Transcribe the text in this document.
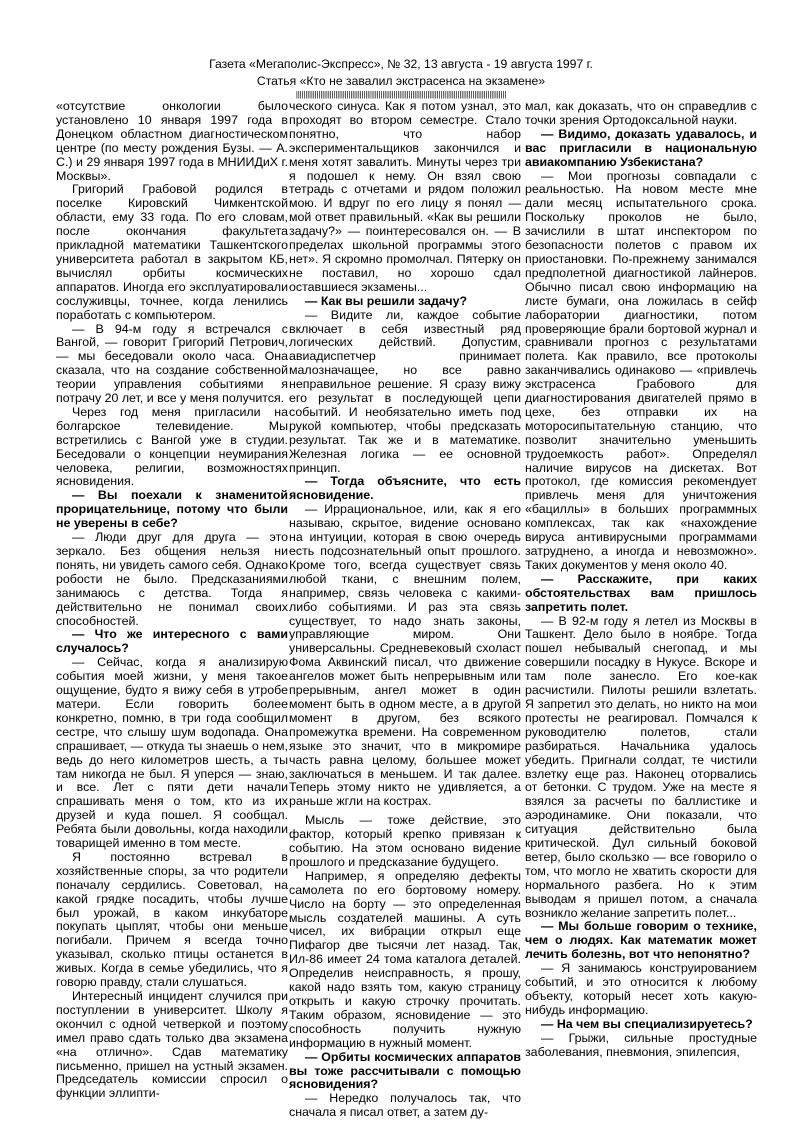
Газета «Мегаполис-Экспресс», № 32, 13 августа - 19 августа 1997 г.
Статья «Кто не завалил экстрасенса на экзамене»
||||||||||||||||||||||||||||||||||||||||||||||||||||||||||||||||||||||||||||||||||||||||||||||||||||||||||||||||

«отсутствие онкологии было установлено 10 января 1997 года в Донецком областном диагностическом центре (по месту рождения Бузы. — А. С.) и 29 января 1997 года в МНИИДиХ г. Москвы».

Григорий Грабовой родился в поселке Кировский Чимкентской области, ему 33 года. По его словам, после окончания факультета прикладной математики Ташкентского университета работал в закрытом КБ, вычислял орбиты космических аппаратов. Иногда его эксплуатировали сослуживцы, точнее, когда ленились поработать с компьютером.

— В 94-м году я встречался с Вангой, — говорит Григорий Петрович, — мы беседовали около часа. Она сказала, что на создание собственной теории управления событиями я потрачу 20 лет, и все у меня получится.

Через год меня пригласили на болгарское телевидение. Мы встретились с Вангой уже в студии. Беседовали о концепции неумирания человека, религии, возможностях ясновидения.

— Вы поехали к знаменитой прорицательнице, потому что были не уверены в себе?

— Люди друг для друга — это зеркало. Без общения нельзя ни понять, ни увидеть самого себя. Однако робости не было. Предсказаниями занимаюсь с детства. Тогда я действительно не понимал своих способностей.

— Что же интересного с вами случалось?

— Сейчас, когда я анализирую события моей жизни, у меня такое ощущение, будто я вижу себя в утробе матери. Если говорить более конкретно, помню, в три года сообщил сестре, что слышу шум водопада. Она спрашивает, — откуда ты знаешь о нем, ведь до него километров шесть, а ты там никогда не был. Я уперся — знаю, и все. Лет с пяти дети начали спрашивать меня о том, кто из их друзей и куда пошел. Я сообщал. Ребята были довольны, когда находили товарищей именно в том месте.

Я постоянно встревал в хозяйственные споры, за что родители поначалу сердились. Советовал, на какой грядке посадить, чтобы лучше был урожай, в каком инкубаторе покупать цыплят, чтобы они меньше погибали. Причем я всегда точно указывал, сколько птицы останется в живых. Когда в семье убедились, что я говорю правду, стали слушаться.

Интересный инцидент случился при поступлении в университет. Школу я окончил с одной четверкой и поэтому имел право сдать только два экзамена «на отлично». Сдав математику письменно, пришел на устный экзамен. Председатель комиссии спросил о функции эллипти-

ческого синуса. Как я потом узнал, это проходят во втором семестре. Стало понятно, что набор экспериментальщиков закончился и меня хотят завалить. Минуты через три я подошел к нему. Он взял свою тетрадь с отчетами и рядом положил мою. И вдруг по его лицу я понял — мой ответ правильный. «Как вы решили задачу?» — поинтересовался он. — В пределах школьной программы этого нет». Я скромно промолчал. Пятерку он не поставил, но хорошо сдал оставшиеся экзамены...

— Как вы решили задачу?

— Видите ли, каждое событие включает в себя известный ряд логических действий. Допустим, авиадиспетчер принимает малозначащее, но все равно неправильное решение. Я сразу вижу его результат в последующей цепи событий. И необязательно иметь под рукой компьютер, чтобы предсказать результат. Так же и в математике. Железная логика — ее основной принцип.

— Тогда объясните, что есть ясновидение.

— Иррациональное, или, как я его называю, скрытое, видение основано на интуиции, которая в свою очередь есть подсознательный опыт прошлого. Кроме того, всегда существует связь любой ткани, с внешним полем, например, связь человека с какими-либо событиями. И раз эта связь существует, то надо знать законы, управляющие миром. Они универсальны. Средневековый схоласт Фома Аквинский писал, что движение ангелов может быть непрерывным или прерывным, ангел может в один момент быть в одном месте, а в другой момент в другом, без всякого промежутка времени. На современном языке это значит, что в микромире часть равна целому, большее может заключаться в меньшем. И так далее. Теперь этому никто не удивляется, а раньше жгли на кострах.

Мысль — тоже действие, это фактор, который крепко привязан к событию. На этом основано видение прошлого и предсказание будущего.

Например, я определяю дефекты самолета по его бортовому номеру. Число на борту — это определенная мысль создателей машины. А суть чисел, их вибрации открыл еще Пифагор две тысячи лет назад. Так, Ил-86 имеет 24 тома каталога деталей. Определив неисправность, я прошу, какой надо взять том, какую страницу открыть и какую строчку прочитать. Таким образом, ясновидение — это способность получить нужную информацию в нужный момент.

— Орбиты космических аппаратов вы тоже рассчитывали с помощью ясновидения?

— Нередко получалось так, что сначала я писал ответ, а затем ду-

мал, как доказать, что он справедлив с точки зрения Ортодоксальной науки.

— Видимо, доказать удавалось, и вас пригласили в национальную авиакомпанию Узбекистана?

— Мои прогнозы совпадали с реальностью. На новом месте мне дали месяц испытательного срока. Поскольку проколов не было, зачислили в штат инспектором по безопасности полетов с правом их приостановки. По-прежнему занимался предполетной диагностикой лайнеров. Обычно писал свою информацию на листе бумаги, она ложилась в сейф лаборатории диагностики, потом проверяющие брали бортовой журнал и сравнивали прогноз с результатами полета. Как правило, все протоколы заканчивались одинаково — «привлечь экстрасенса Грабового для диагностирования двигателей прямо в цехе, без отправки их на моторосипытательную станцию, что позволит значительно уменьшить трудоемкость работ». Определял наличие вирусов на дискетах. Вот протокол, где комиссия рекомендует привлечь меня для уничтожения «бациллы» в больших программных комплексах, так как «нахождение вируса антивирусными программами затруднено, а иногда и невозможно». Таких документов у меня около 40.

— Расскажите, при каких обстоятельствах вам пришлось запретить полет.

— В 92-м году я летел из Москвы в Ташкент. Дело было в ноябре. Тогда пошел небывалый снегопад, и мы совершили посадку в Нукусе. Вскоре и там поле занесло. Его кое-как расчистили. Пилоты решили взлетать. Я запретил это делать, но никто на мои протесты не реагировал. Помчался к руководителю полетов, стали разбираться. Начальника удалось убедить. Пригнали солдат, те чистили взлетку еще раз. Наконец оторвались от бетонки. С трудом. Уже на месте я взялся за расчеты по баллистике и аэродинамике. Они показали, что ситуация действительно была критической. Дул сильный боковой ветер, было скользко — все говорило о том, что могло не хватить скорости для нормального разбега. Но к этим выводам я пришел потом, а сначала возникло желание запретить полет...

— Мы больше говорим о технике, чем о людях. Как математик может лечить болезнь, вот что непонятно?

— Я занимаюсь конструированием событий, и это относится к любому объекту, который несет хоть какую-нибудь информацию.

— На чем вы специализируетесь?

— Грыжи, сильные простудные заболевания, пневмония, эпилепсия,
